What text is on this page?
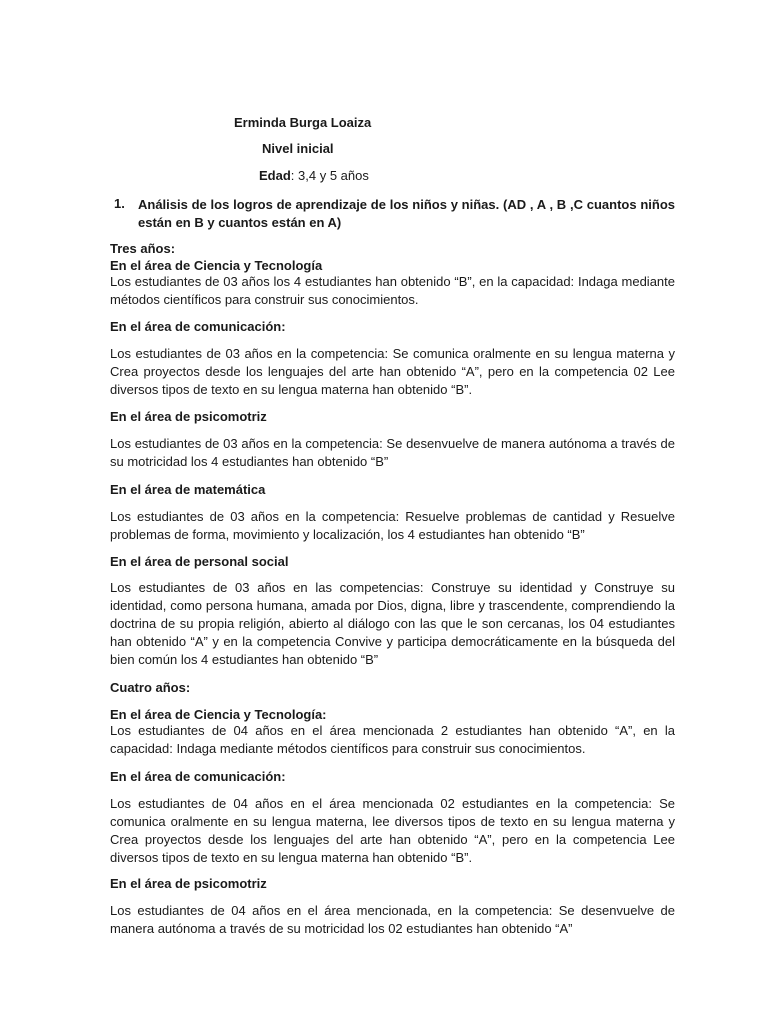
Erminda Burga Loaiza
Nivel inicial
Edad: 3,4 y 5 años
1. Análisis de los logros de aprendizaje de los niños y niñas. (AD , A , B ,C cuantos niños están en B y cuantos están en A)
Tres años:
En el área de Ciencia y Tecnología
Los estudiantes de 03 años los 4 estudiantes han obtenido “B”, en la capacidad: Indaga mediante métodos científicos para construir sus conocimientos.
En el área de comunicación:
Los estudiantes de 03 años en la competencia: Se comunica oralmente en su lengua materna y Crea proyectos desde los lenguajes del arte han obtenido “A”, pero en la competencia 02 Lee diversos tipos de texto en su lengua materna han obtenido “B”.
En el área de psicomotriz
Los estudiantes de 03 años en la competencia: Se desenvuelve de manera autónoma a través de su motricidad los 4 estudiantes han obtenido “B”
En el área de matemática
Los estudiantes de 03 años en la competencia: Resuelve problemas de cantidad y Resuelve problemas de forma, movimiento y localización, los 4 estudiantes han obtenido “B”
En el área de personal social
Los estudiantes de 03 años en las competencias: Construye su identidad y Construye su identidad, como persona humana, amada por Dios, digna, libre y trascendente, comprendiendo la doctrina de su propia religión, abierto al diálogo con las que le son cercanas, los 04 estudiantes han obtenido “A” y en la competencia Convive y participa democráticamente en la búsqueda del bien común los 4 estudiantes han obtenido “B”
Cuatro años:
En el área de Ciencia y Tecnología:
Los estudiantes de 04 años en el área mencionada 2 estudiantes han obtenido “A”, en la capacidad: Indaga mediante métodos científicos para construir sus conocimientos.
En el área de comunicación:
Los estudiantes de 04 años en el área mencionada 02 estudiantes en la competencia: Se comunica oralmente en su lengua materna, lee diversos tipos de texto en su lengua materna y Crea proyectos desde los lenguajes del arte han obtenido “A”, pero en la competencia Lee diversos tipos de texto en su lengua materna han obtenido “B”.
En el área de psicomotriz
Los estudiantes de 04 años en el área mencionada, en la competencia: Se desenvuelve de manera autónoma a través de su motricidad los 02 estudiantes han obtenido “A”
